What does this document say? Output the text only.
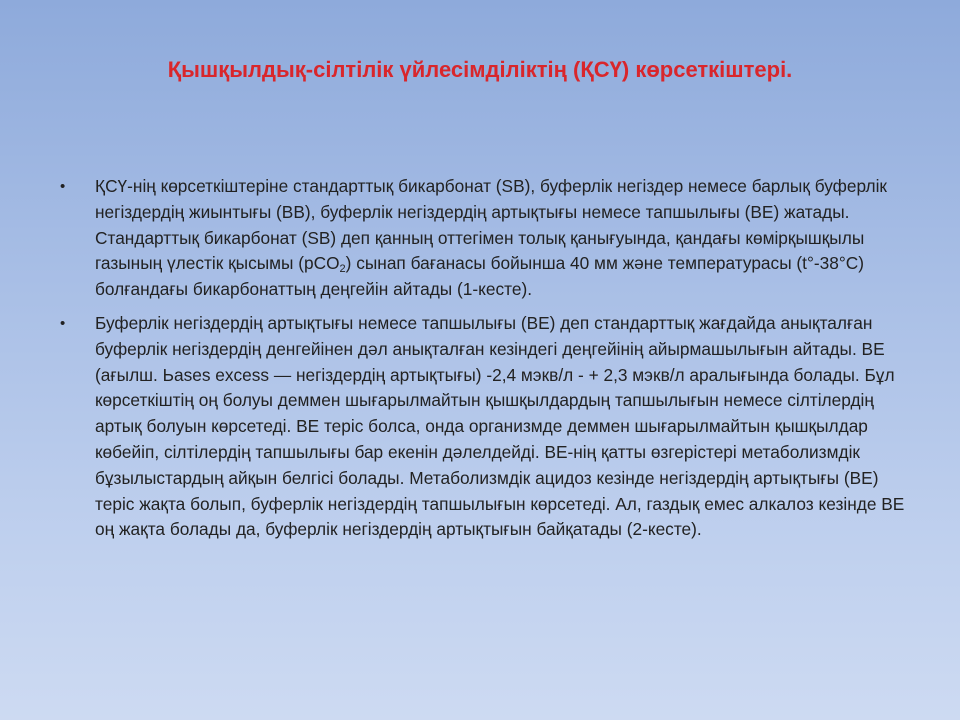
Қышқылдық-сілтілік үйлесімділіктің (ҚСҮ) көрсеткіштері.
• ҚСҮ-нің көрсеткіштеріне стандарттық бикарбонат (SB), буферлік негіздер немесе барлық буферлік негіздердің жиынтығы (BB), буферлік негіздердің артықтығы немесе тапшылығы (BE) жатады. Стандарттық бикарбонат (SB) деп қанның оттегімен толық қанығуында, қандағы көмірқышқылы газының үлестік қысымы (pCO$_2$) сынап бағанасы бойынша 40 мм және температурасы (t°-38°C) болғандағы бикарбонаттың деңгейін айтады (1-кесте).
• Буферлік негіздердің артықтығы немесе тапшылығы (BE) деп стандарттық жағдайда анықталған буферлік негіздердің денгейінен дәл анықталған кезіндегі деңгейінің айырмашылығын айтады. BE (ағылш. Ьases excess — негіздердің артықтығы) -2,4 мэкв/л - + 2,3 мэкв/л аралығында болады. Бұл көрсеткіштің оң болуы деммен шығарылмайтын қышқылдардың тапшылығын немесе сілтілердің артық болуын көрсетеді. BE теріс болса, онда организмде деммен шығарылмайтын қышқылдар көбейіп, сілтілердің тапшылығы бар екенін дәлелдейді. BE-нің қатты өзгерістері метаболизмдік бұзылыстардың айқын белгісі болады. Метаболизмдік ацидоз кезінде негіздердің артықтығы (BE) теріс жақта болып, буферлік негіздердің тапшылығын көрсетеді. Ал, газдық емес алкалоз кезінде BE оң жақта болады да, буферлік негіздердің артықтығын байқатады (2-кесте).
